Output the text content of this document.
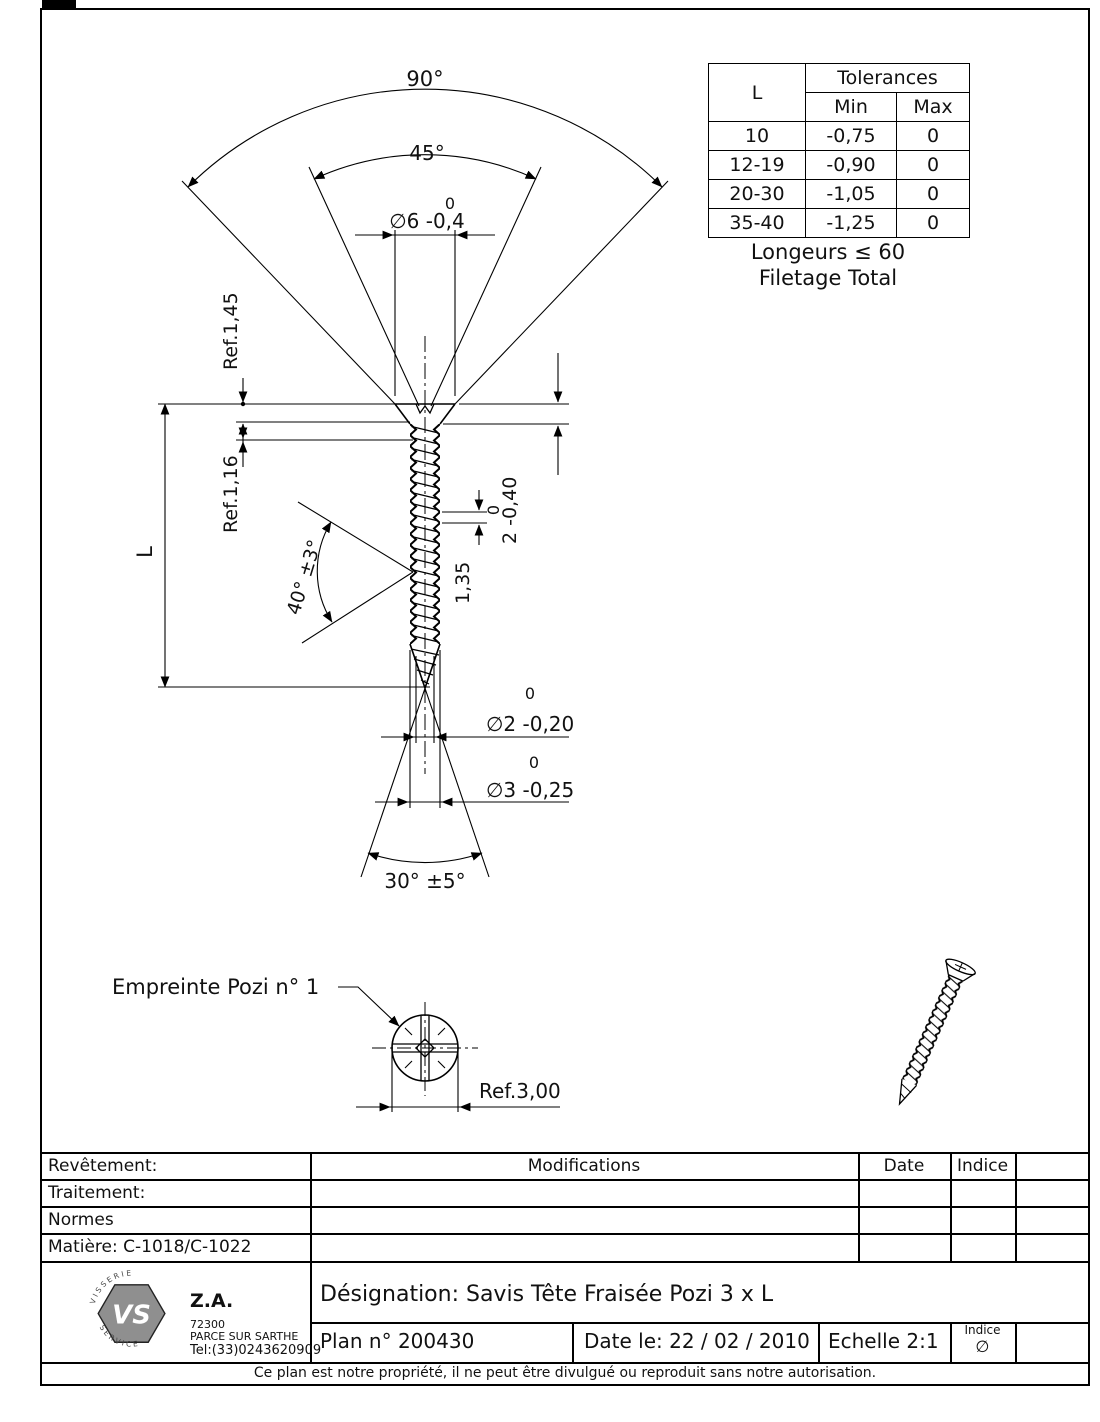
90°
45°
0
∅6 -0,4
Ref.1,45
Ref.1,16
L	40° ±3°
2 -0,40
0
1,35
0
∅2 -0,20
0
∅3 -0,25
30° ±5°
Empreinte Pozi n° 1
Ref.3,00
L	Tolerances	
	Min	Max
10	-0,75	0
12-19	-0,90	0
20-30	-1,05	0
35-40	-1,25	0
Longeurs ≤ 60
Filetage Total
Revêtement:
Traitement:
Normes
Matière: C-1018/C-1022
Modifications	Date	Indice
VS
V I S S E R I E
S E R V I C E
Z.A.
72300
PARCE SUR SARTHE
Tel:(33)0243620909
Désignation: Savis Tête Fraisée Pozi 3 x L
Plan n° 200430	Date le: 22 / 02 / 2010 Echelle 2:1	Indice
∅
Ce plan est notre propriété, il ne peut être divulgué ou reproduit sans notre autorisation.
